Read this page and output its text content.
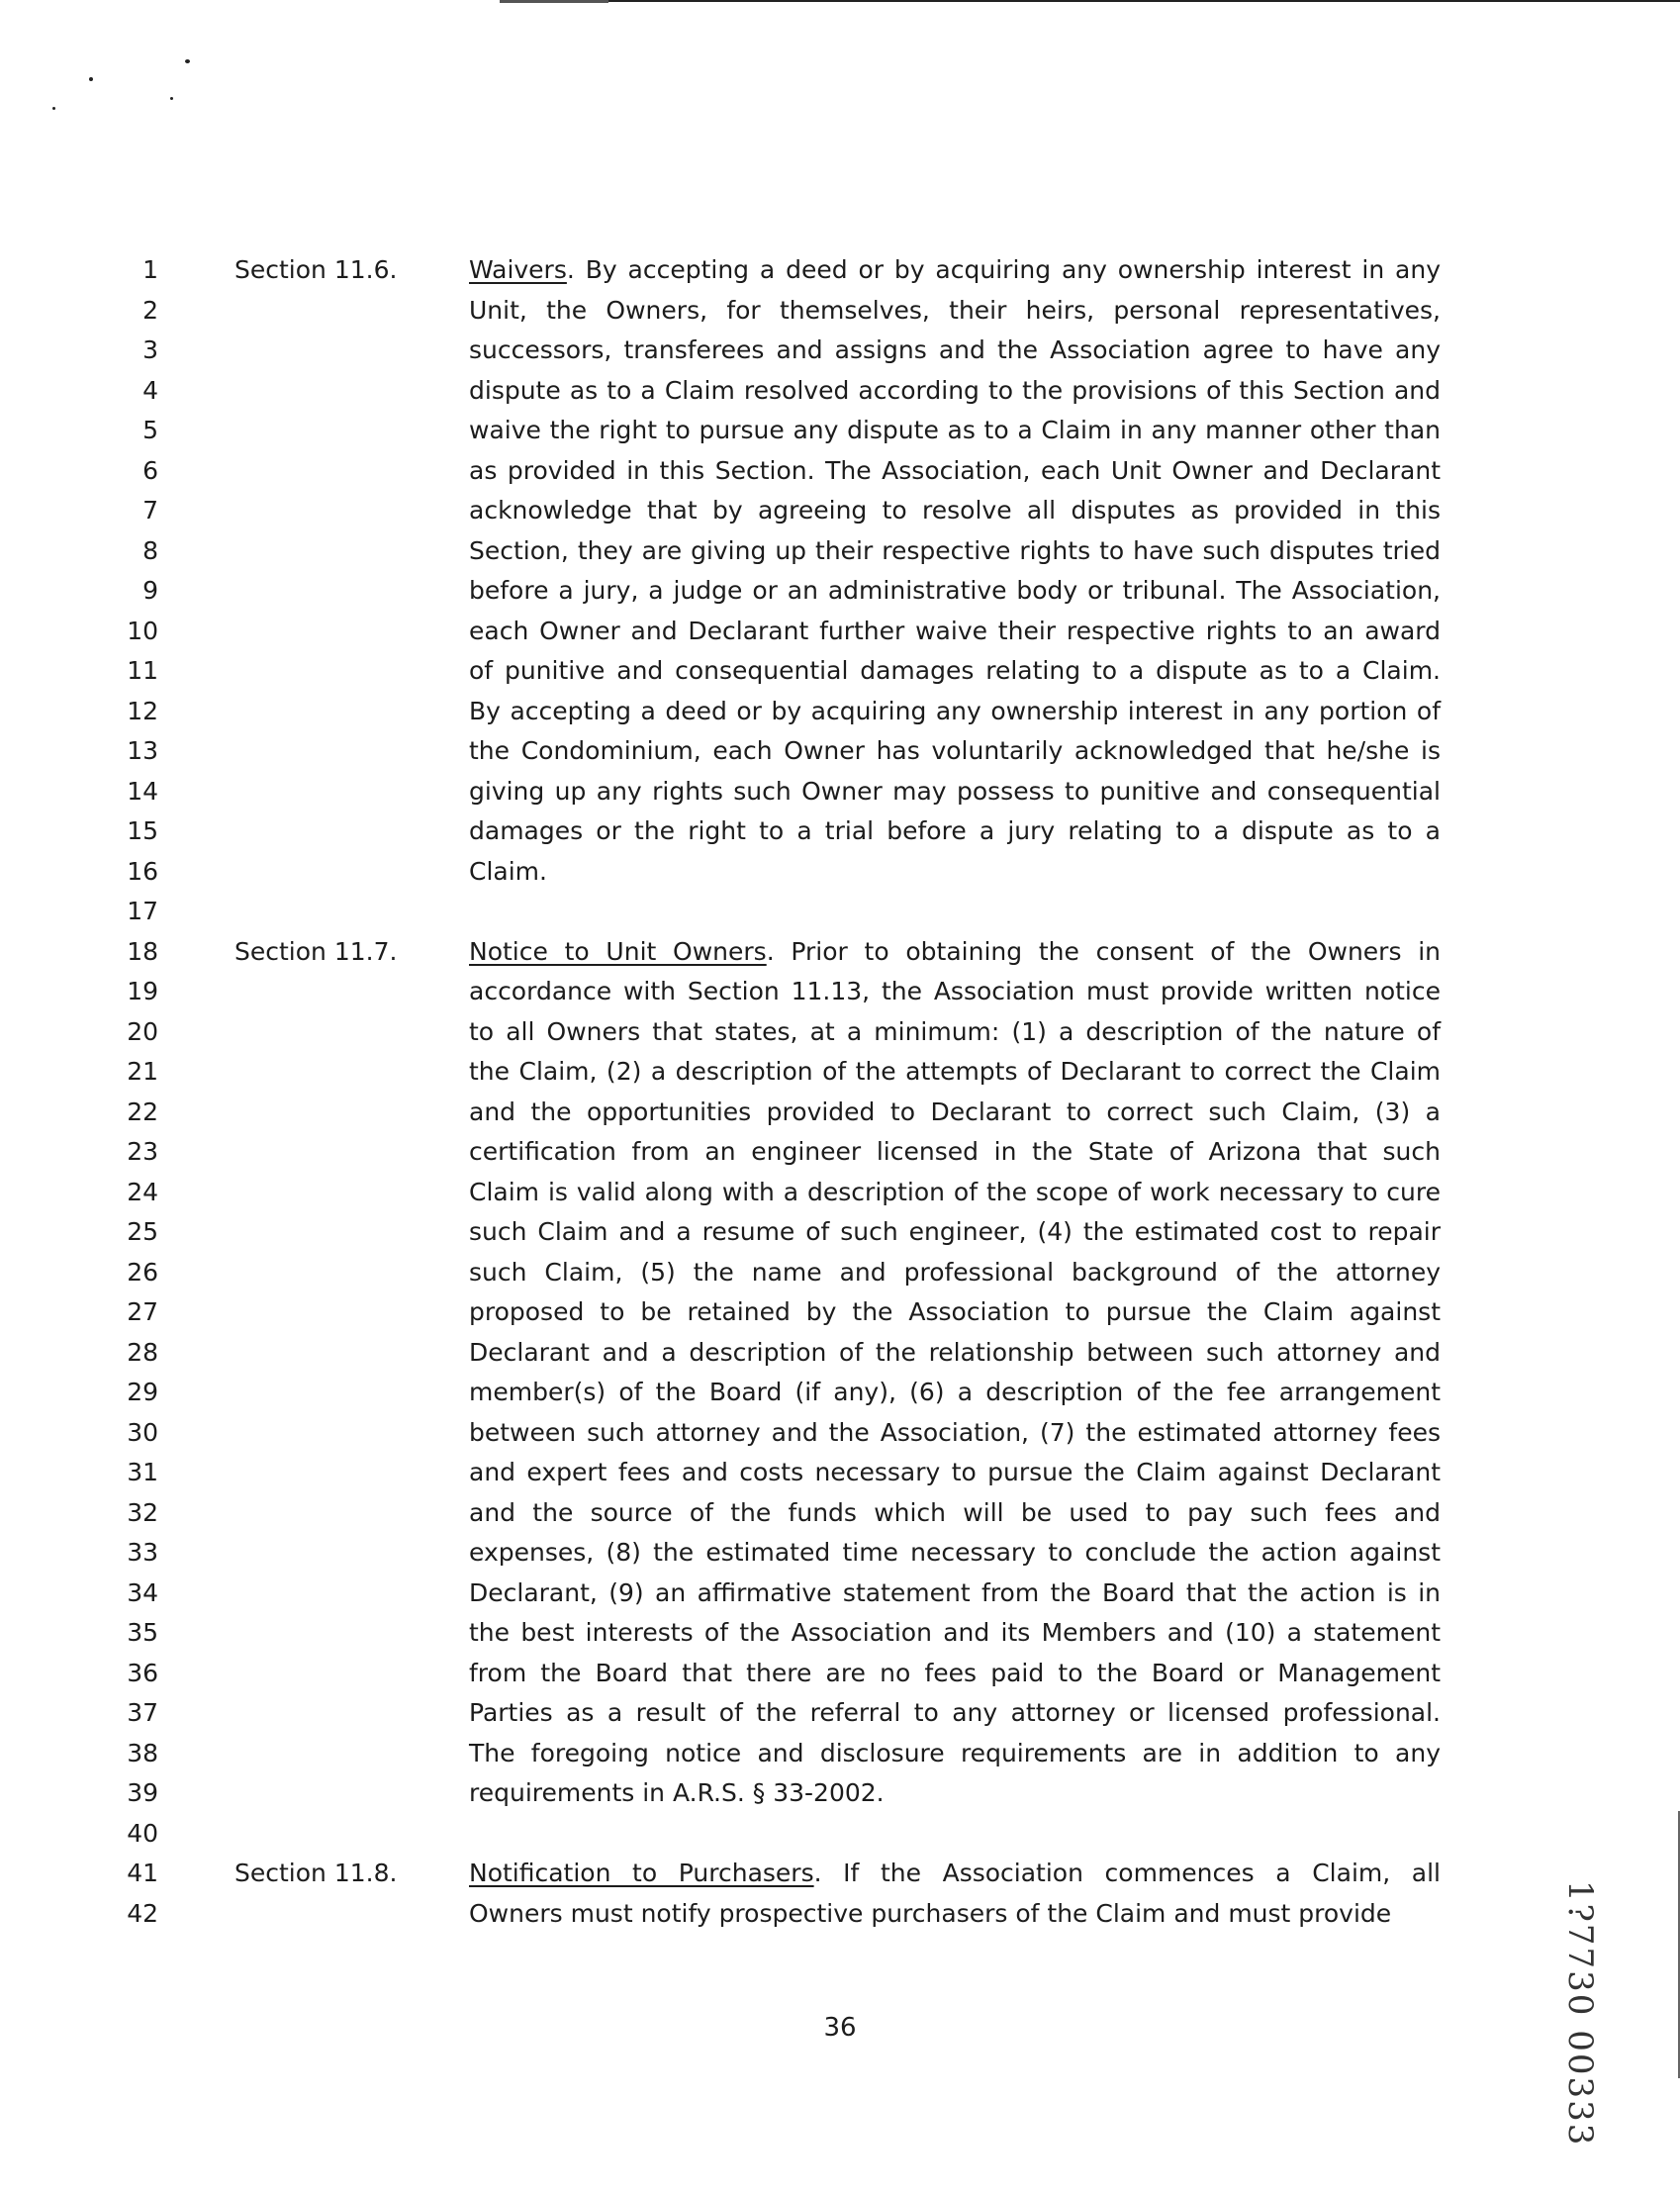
1
2
3
4
5
6
7
8
9
10
11
12
13
14
15
16
17
18
19
20
21
22
23
24
25
26
27
28
29
30
31
32
33
34
35
36
37
38
39
40
41
42
Section 11.6.	Waivers. By accepting a deed or by acquiring any ownership interest in any
Unit, the Owners, for themselves, their heirs, personal representatives,
successors, transferees and assigns and the Association agree to have any
dispute as to a Claim resolved according to the provisions of this Section and
waive the right to pursue any dispute as to a Claim in any manner other than
as provided in this Section. The Association, each Unit Owner and Declarant
acknowledge that by agreeing to resolve all disputes as provided in this
Section, they are giving up their respective rights to have such disputes tried
before a jury, a judge or an administrative body or tribunal. The Association,
each Owner and Declarant further waive their respective rights to an award
of punitive and consequential damages relating to a dispute as to a Claim.
By accepting a deed or by acquiring any ownership interest in any portion of
the Condominium, each Owner has voluntarily acknowledged that he/she is
giving up any rights such Owner may possess to punitive and consequential
damages or the right to a trial before a jury relating to a dispute as to a
Claim.
Section 11.7.	Notice to Unit Owners. Prior to obtaining the consent of the Owners in
accordance with Section 11.13, the Association must provide written notice
to all Owners that states, at a minimum: (1) a description of the nature of
the Claim, (2) a description of the attempts of Declarant to correct the Claim
and the opportunities provided to Declarant to correct such Claim, (3) a
certification from an engineer licensed in the State of Arizona that such
Claim is valid along with a description of the scope of work necessary to cure
such Claim and a resume of such engineer, (4) the estimated cost to repair
such Claim, (5) the name and professional background of the attorney
proposed to be retained by the Association to pursue the Claim against
Declarant and a description of the relationship between such attorney and
member(s) of the Board (if any), (6) a description of the fee arrangement
between such attorney and the Association, (7) the estimated attorney fees
and expert fees and costs necessary to pursue the Claim against Declarant
and the source of the funds which will be used to pay such fees and
expenses, (8) the estimated time necessary to conclude the action against
Declarant, (9) an affirmative statement from the Board that the action is in
the best interests of the Association and its Members and (10) a statement
from the Board that there are no fees paid to the Board or Management
Parties as a result of the referral to any attorney or licensed professional.
The foregoing notice and disclosure requirements are in addition to any
requirements in A.R.S. § 33-2002.
Section 11.8.	Notification to Purchasers. If the Association commences a Claim, all
Owners must notify prospective purchasers of the Claim and must provide
36	1?7730 00333
